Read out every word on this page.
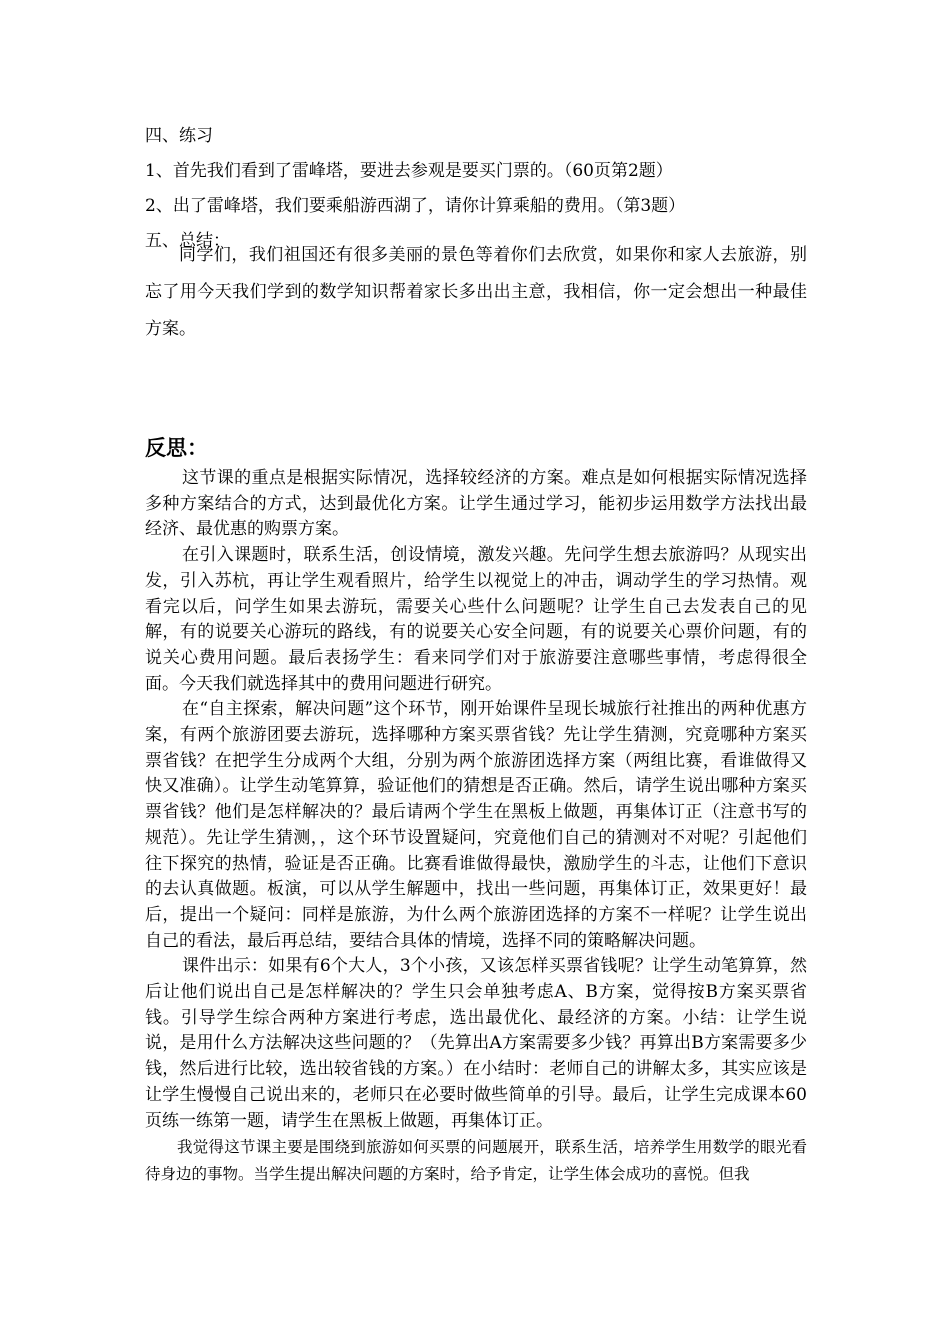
四、练习
1、首先我们看到了雷峰塔，要进去参观是要买门票的。（60页第2题）
2、出了雷峰塔，我们要乘船游西湖了，请你计算乘船的费用。（第3题）
五、总结：
同学们，我们祖国还有很多美丽的景色等着你们去欣赏，如果你和家人去旅游，别忘了用今天我们学到的数学知识帮着家长多出出主意，我相信，你一定会想出一种最佳方案。
反思：

这节课的重点是根据实际情况，选择较经济的方案。难点是如何根据实际情况选择多种方案结合的方式，达到最优化方案。让学生通过学习，能初步运用数学方法找出最经济、最优惠的购票方案。

在引入课题时，联系生活，创设情境，激发兴趣。先问学生想去旅游吗？从现实出发，引入苏杭，再让学生观看照片，给学生以视觉上的冲击，调动学生的学习热情。观看完以后，问学生如果去游玩，需要关心些什么问题呢？让学生自己去发表自己的见解，有的说要关心游玩的路线，有的说要关心安全问题，有的说要关心票价问题，有的说关心费用问题。最后表扬学生：看来同学们对于旅游要注意哪些事情，考虑得很全面。今天我们就选择其中的费用问题进行研究。

在“自主探索，解决问题”这个环节，刚开始课件呈现长城旅行社推出的两种优惠方案，有两个旅游团要去游玩，选择哪种方案买票省钱？先让学生猜测，究竟哪种方案买票省钱？在把学生分成两个大组，分别为两个旅游团选择方案（两组比赛，看谁做得又快又准确）。让学生动笔算算，验证他们的猜想是否正确。然后，请学生说出哪种方案买票省钱？他们是怎样解决的？最后请两个学生在黑板上做题，再集体订正（注意书写的规范）。先让学生猜测，，这个环节设置疑问，究竟他们自己的猜测对不对呢？引起他们往下探究的热情，验证是否正确。比赛看谁做得最快，激励学生的斗志，让他们下意识的去认真做题。板演，可以从学生解题中，找出一些问题，再集体订正，效果更好！最后，提出一个疑问：同样是旅游，为什么两个旅游团选择的方案不一样呢？让学生说出自己的看法，最后再总结，要结合具体的情境，选择不同的策略解决问题。

课件出示：如果有6个大人，3个小孩，又该怎样买票省钱呢？让学生动笔算算，然后让他们说出自己是怎样解决的？学生只会单独考虑A、B方案，觉得按B方案买票省钱。引导学生综合两种方案进行考虑，选出最优化、最经济的方案。小结：让学生说说，是用什么方法解决这些问题的？（先算出A方案需要多少钱？再算出B方案需要多少钱，然后进行比较，选出较省钱的方案。）在小结时：老师自己的讲解太多，其实应该是让学生慢慢自己说出来的，老师只在必要时做些简单的引导。最后，让学生完成课本60页练一练第一题，请学生在黑板上做题，再集体订正。

我觉得这节课主要是围绕到旅游如何买票的问题展开，联系生活，培养学生用数学的眼光看待身边的事物。当学生提出解决问题的方案时，给予肯定，让学生体会成功的喜悦。但我
